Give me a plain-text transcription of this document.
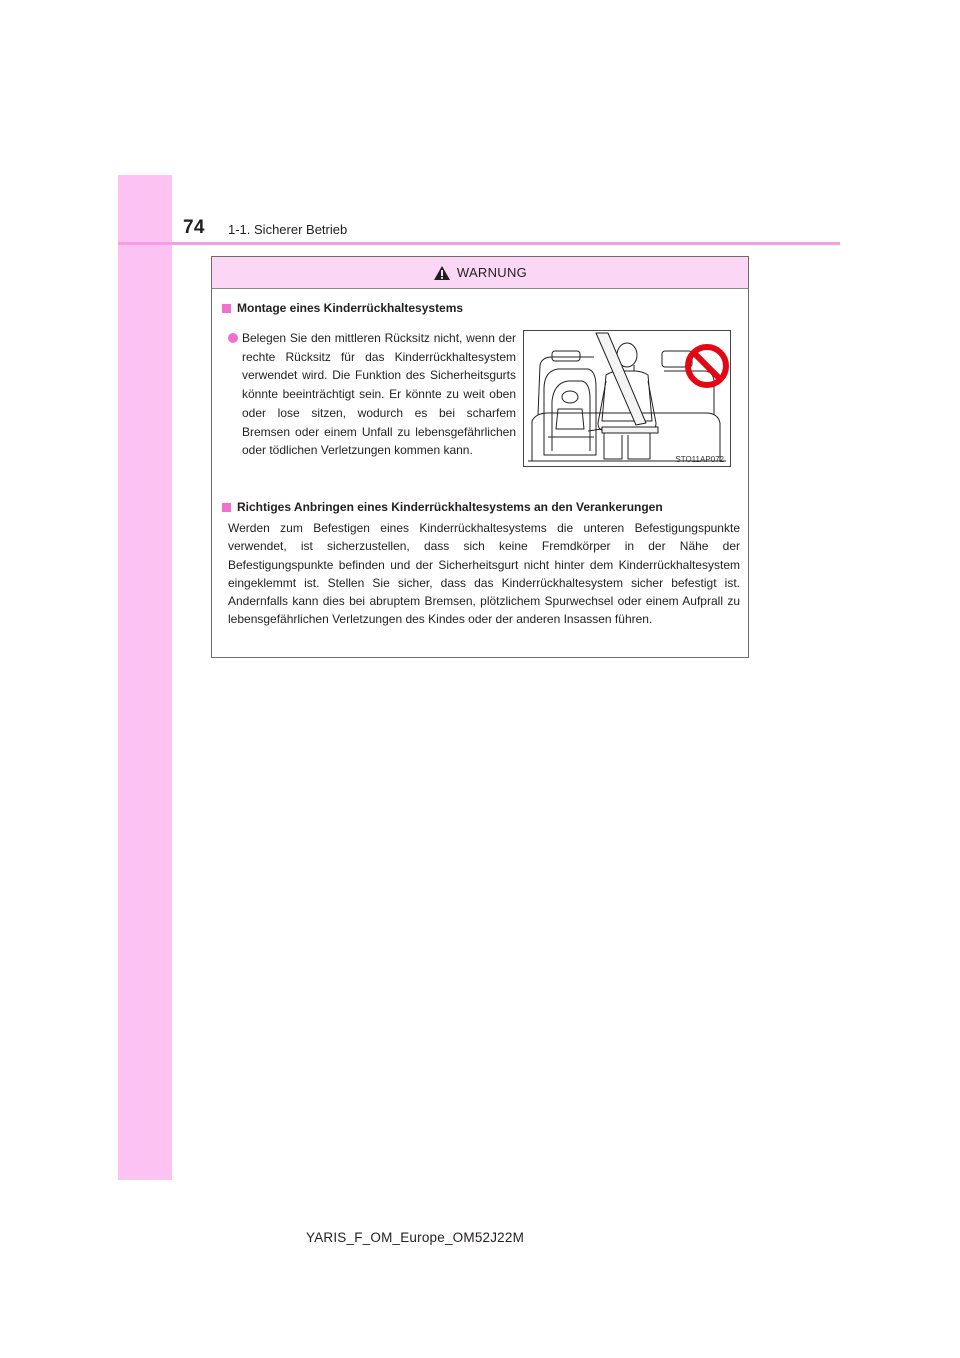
74 1-1. Sicherer Betrieb
WARNUNG
Montage eines Kinderrückhaltesystems
Belegen Sie den mittleren Rücksitz nicht, wenn der rechte Rücksitz für das Kinderrückhaltesystem verwendet wird. Die Funktion des Sicherheitsgurts könnte beeinträchtigt sein. Er könnte zu weit oben oder lose sitzen, wodurch es bei scharfem Bremsen oder einem Unfall zu lebensgefährlichen oder tödlichen Verletzungen kommen kann.
STO11AP072
Richtiges Anbringen eines Kinderrückhaltesystems an den Verankerungen
Werden zum Befestigen eines Kinderrückhaltesystems die unteren Befestigungspunkte verwendet, ist sicherzustellen, dass sich keine Fremdkörper in der Nähe der Befestigungspunkte befinden und der Sicherheitsgurt nicht hinter dem Kinderrückhaltesystem eingeklemmt ist. Stellen Sie sicher, dass das Kinderrückhaltesystem sicher befestigt ist. Andernfalls kann dies bei abruptem Bremsen, plötzlichem Spurwechsel oder einem Aufprall zu lebensgefährlichen Verletzungen des Kindes oder der anderen Insassen führen.
YARIS_F_OM_Europe_OM52J22M
